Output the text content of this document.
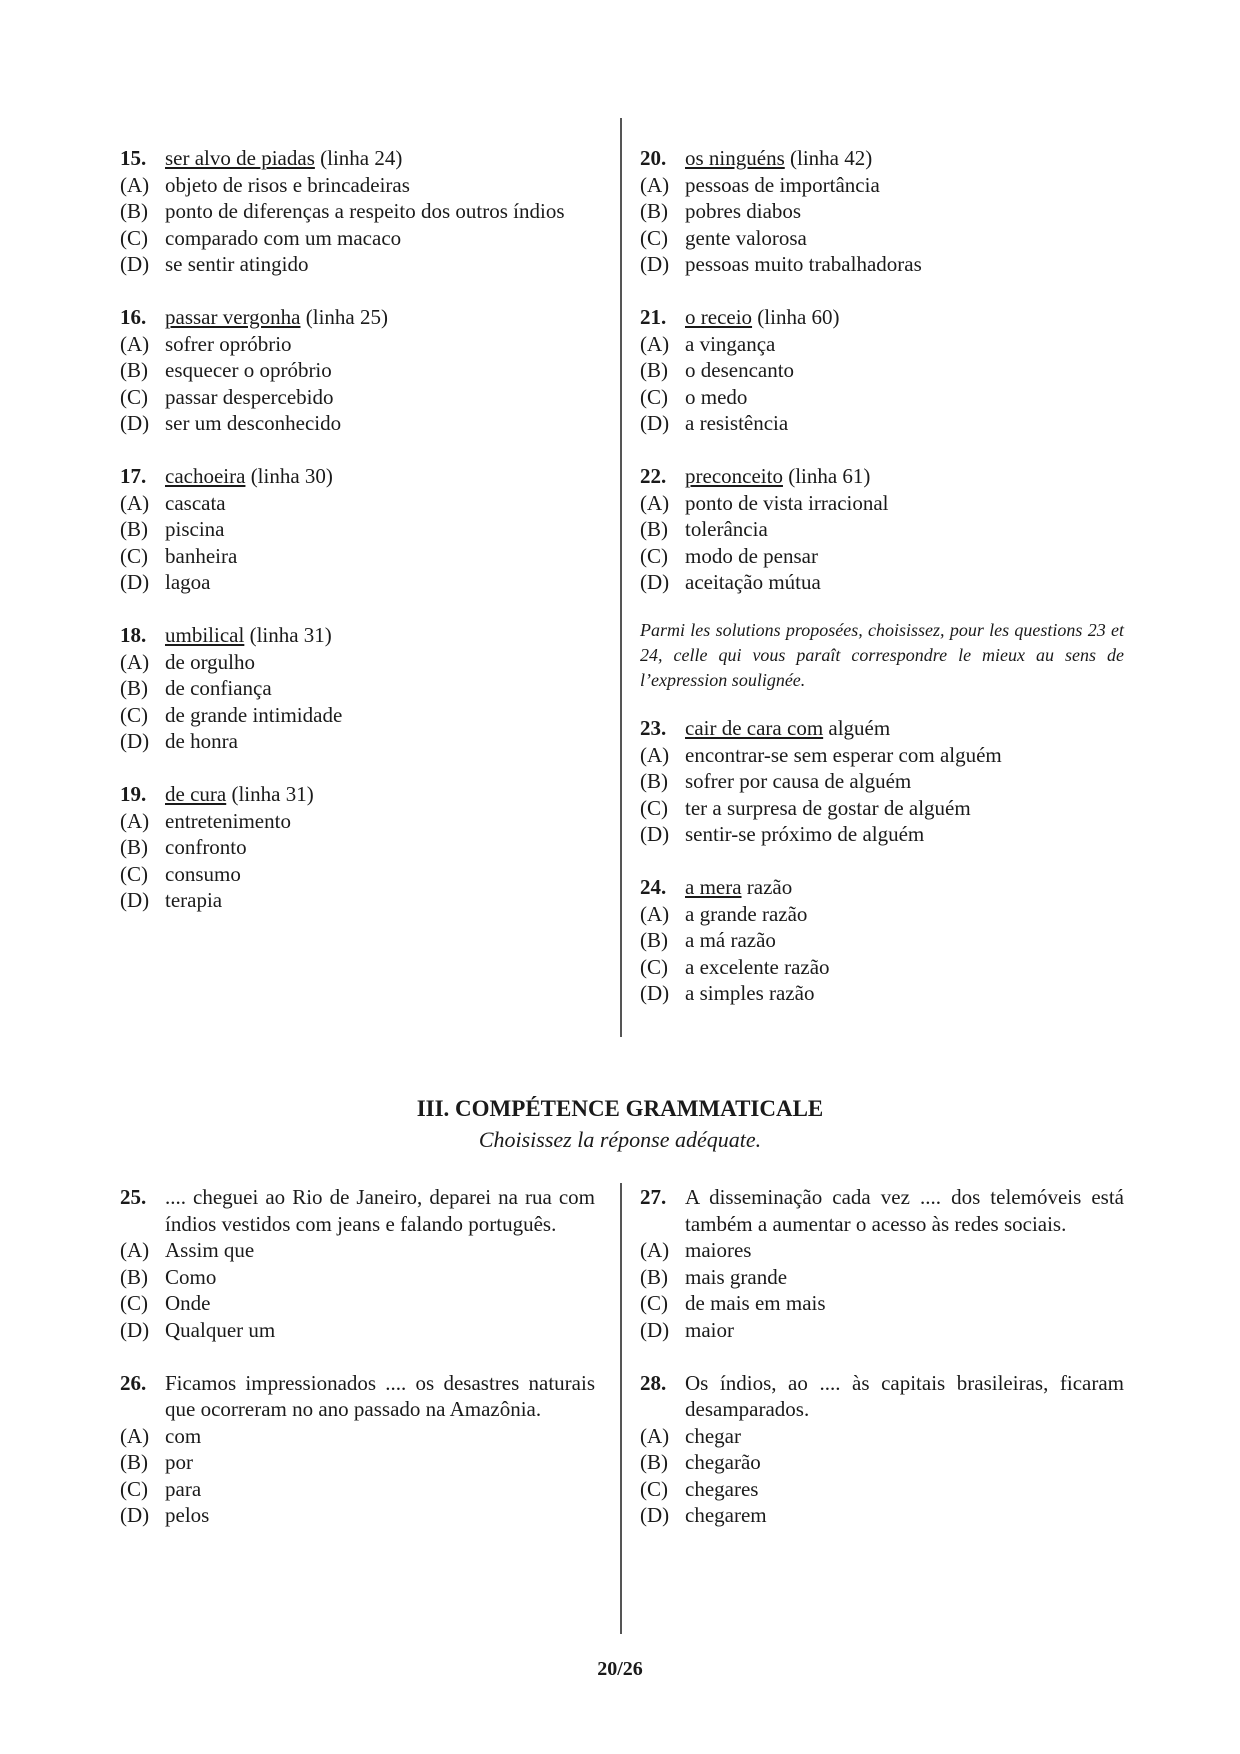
15. ser alvo de piadas (linha 24)
(A) objeto de risos e brincadeiras
(B) ponto de diferenças a respeito dos outros índios
(C) comparado com um macaco
(D) se sentir atingido
16. passar vergonha (linha 25)
(A) sofrer opróbrio
(B) esquecer o opróbrio
(C) passar despercebido
(D) ser um desconhecido
17. cachoeira (linha 30)
(A) cascata
(B) piscina
(C) banheira
(D) lagoa
18. umbilical (linha 31)
(A) de orgulho
(B) de confiança
(C) de grande intimidade
(D) de honra
19. de cura (linha 31)
(A) entretenimento
(B) confronto
(C) consumo
(D) terapia
20. os ninguéns (linha 42)
(A) pessoas de importância
(B) pobres diabos
(C) gente valorosa
(D) pessoas muito trabalhadoras
21. o receio (linha 60)
(A) a vingança
(B) o desencanto
(C) o medo
(D) a resistência
22. preconceito (linha 61)
(A) ponto de vista irracional
(B) tolerância
(C) modo de pensar
(D) aceitação mútua
Parmi les solutions proposées, choisissez, pour les questions 23 et 24, celle qui vous paraît correspondre le mieux au sens de l’expression soulignée.
23. cair de cara com alguém
(A) encontrar-se sem esperar com alguém
(B) sofrer por causa de alguém
(C) ter a surpresa de gostar de alguém
(D) sentir-se próximo de alguém
24. a mera razão
(A) a grande razão
(B) a má razão
(C) a excelente razão
(D) a simples razão
III. COMPÉTENCE GRAMMATICALE
Choisissez la réponse adéquate.
25. .... cheguei ao Rio de Janeiro, deparei na rua com índios vestidos com jeans e falando português.
(A) Assim que
(B) Como
(C) Onde
(D) Qualquer um
26. Ficamos impressionados .... os desastres naturais que ocorreram no ano passado na Amazônia.
(A) com
(B) por
(C) para
(D) pelos
27. A disseminação cada vez .... dos telemóveis está também a aumentar o acesso às redes sociais.
(A) maiores
(B) mais grande
(C) de mais em mais
(D) maior
28. Os índios, ao .... às capitais brasileiras, ficaram desamparados.
(A) chegar
(B) chegarão
(C) chegares
(D) chegarem
20/26
